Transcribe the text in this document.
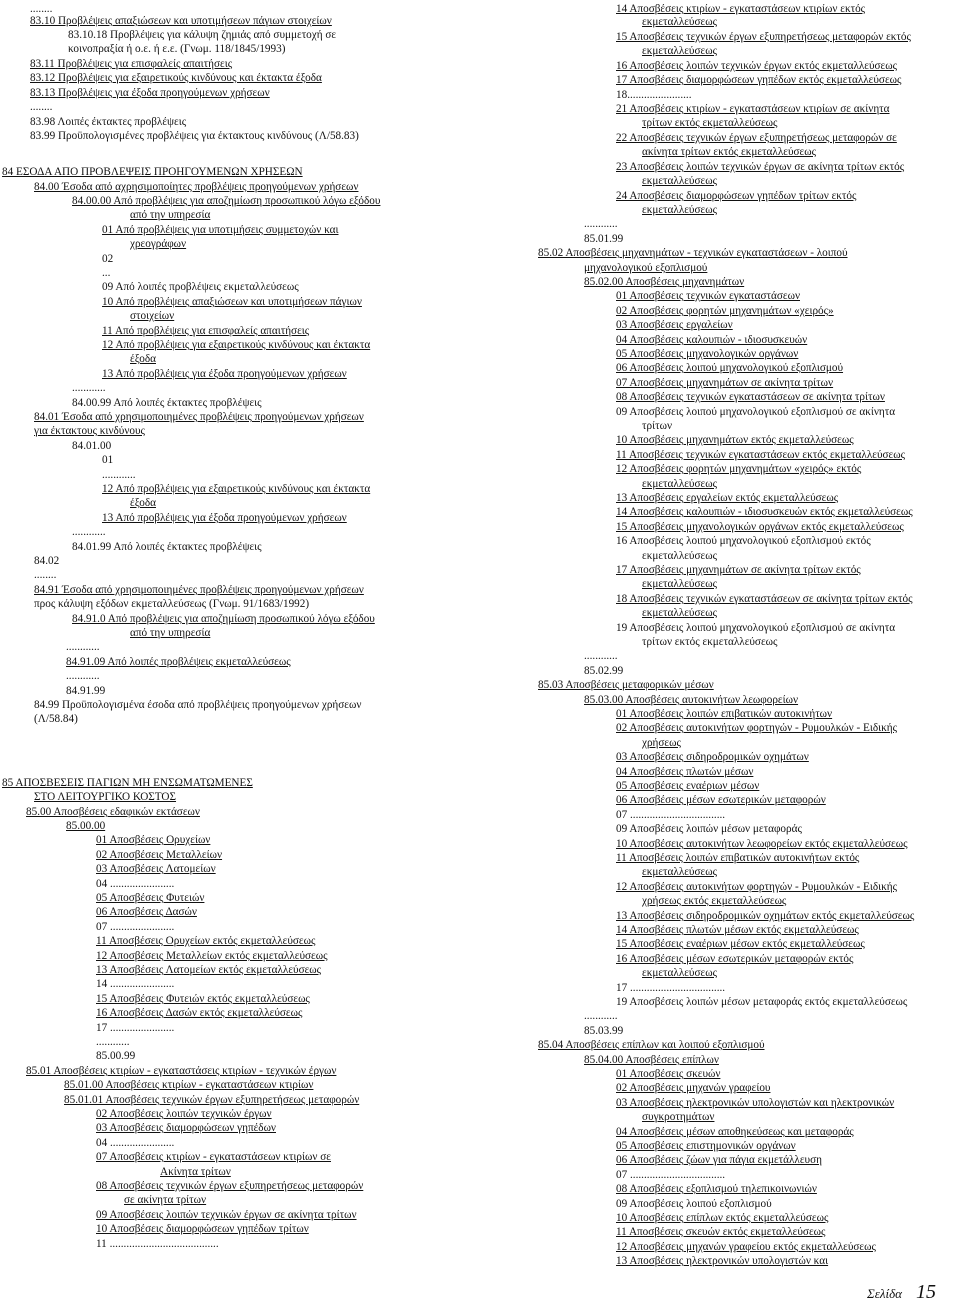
........
83.10 Προβλέψεις απαξιώσεων και υποτιμήσεων πάγιων στοιχείων
83.10.18 Προβλέψεις για κάλυψη ζημιάς από συμμετοχή σε
κοινοπραξία ή ο.ε. ή ε.ε. (Γνωμ. 118/1845/1993)
83.11 Προβλέψεις για επισφαλείς απαιτήσεις
83.12 Προβλέψεις για εξαιρετικούς κινδύνους και έκτακτα έξοδα
83.13 Προβλέψεις για έξοδα προηγούμενων χρήσεων
........
83.98 Λοιπές έκτακτες προβλέψεις
83.99 Προϋπολογισμένες προβλέψεις για έκτακτους κινδύνους (Λ/58.83)
84 ΕΣΟΔΑ ΑΠΟ ΠΡΟΒΛΕΨΕΙΣ ΠΡΟΗΓΟΥΜΕΝΩΝ ΧΡΗΣΕΩΝ
84.00 Έσοδα από αχρησιμοποίητες προβλέψεις προηγούμενων χρήσεων
84.00.00 Από προβλέψεις για αποζημίωση προσωπικού λόγω εξόδου
από την υπηρεσία
01 Από προβλέψεις για υποτιμήσεις συμμετοχών και
χρεογράφων
02
...
09 Από λοιπές προβλέψεις εκμεταλλεύσεως
10 Από προβλέψεις απαξιώσεων και υποτιμήσεων πάγιων
στοιχείων
11 Από προβλέψεις για επισφαλείς απαιτήσεις
12 Από προβλέψεις για εξαιρετικούς κινδύνους και έκτακτα
έξοδα
13 Από προβλέψεις για έξοδα προηγούμενων χρήσεων
............
84.00.99 Από λοιπές έκτακτες προβλέψεις
84.01 Έσοδα από χρησιμοποιημένες προβλέψεις προηγούμενων χρήσεων
για έκτακτους κινδύνους
84.01.00
01
............
12 Από προβλέψεις για εξαιρετικούς κινδύνους και έκτακτα
έξοδα
13 Από προβλέψεις για έξοδα προηγούμενων χρήσεων
............
84.01.99 Από λοιπές έκτακτες προβλέψεις
84.02
........
84.91 Έσοδα από χρησιμοποιημένες προβλέψεις προηγούμενων χρήσεων
προς κάλυψη εξόδων εκμεταλλεύσεως (Γνωμ. 91/1683/1992)
84.91.0 Από προβλέψεις για αποζημίωση προσωπικού λόγω εξόδου
από την υπηρεσία
............
84.91.09 Από λοιπές προβλέψεις εκμεταλλεύσεως
............
84.91.99
84.99 Προϋπολογισμένα έσοδα από προβλέψεις προηγούμενων χρήσεων
(Λ/58.84)
85 ΑΠΟΣΒΕΣΕΙΣ ΠΑΓΙΩΝ ΜΗ ΕΝΣΩΜΑΤΩΜΕΝΕΣ
ΣΤΟ ΛΕΙΤΟΥΡΓΙΚΟ ΚΟΣΤΟΣ
85.00 Αποσβέσεις εδαφικών εκτάσεων
85.00.00
01 Αποσβέσεις Ορυχείων
02 Αποσβέσεις Μεταλλείων
03 Αποσβέσεις Λατομείων
04 .......................
05 Αποσβέσεις Φυτειών
06 Αποσβέσεις Δασών
07 .......................
11 Αποσβέσεις Ορυχείων εκτός εκμεταλλεύσεως
12 Αποσβέσεις Μεταλλείων εκτός εκμεταλλεύσεως
13 Αποσβέσεις Λατομείων εκτός εκμεταλλεύσεως
14 .......................
15 Αποσβέσεις Φυτειών εκτός εκμεταλλεύσεως
16 Αποσβέσεις Δασών εκτός εκμεταλλεύσεως
17 .......................
............
85.00.99
85.01 Αποσβέσεις κτιρίων - εγκαταστάσεις κτιρίων - τεχνικών έργων
85.01.00 Αποσβέσεις κτιρίων - εγκαταστάσεων κτιρίων
85.01.01 Αποσβέσεις τεχνικών έργων εξυπηρετήσεως μεταφορών
02 Αποσβέσεις λοιπών τεχνικών έργων
03 Αποσβέσεις διαμορφώσεων γηπέδων
04 .......................
07 Αποσβέσεις κτιρίων - εγκαταστάσεων κτιρίων σε
Ακίνητα τρίτων
08 Αποσβέσεις τεχνικών έργων εξυπηρετήσεως μεταφορών
σε ακίνητα τρίτων
09 Αποσβέσεις λοιπών τεχνικών έργων σε ακίνητα τρίτων
10 Αποσβέσεις διαμορφώσεων γηπέδων τρίτων
11 .......................................
14 Αποσβέσεις κτιρίων - εγκαταστάσεων κτιρίων εκτός
εκμεταλλεύσεως
15 Αποσβέσεις τεχνικών έργων εξυπηρετήσεως μεταφορών εκτός
εκμεταλλεύσεως
16 Αποσβέσεις λοιπών τεχνικών έργων εκτός εκμεταλλεύσεως
17 Αποσβέσεις διαμορφώσεων γηπέδων εκτός εκμεταλλεύσεως
18.......................
21 Αποσβέσεις κτιρίων - εγκαταστάσεων κτιρίων σε ακίνητα
τρίτων εκτός εκμεταλλεύσεως
22 Αποσβέσεις τεχνικών έργων εξυπηρετήσεως μεταφορών σε
ακίνητα τρίτων εκτός εκμεταλλεύσεως
23 Αποσβέσεις λοιπών τεχνικών έργων σε ακίνητα τρίτων εκτός
εκμεταλλεύσεως
24 Αποσβέσεις διαμορφώσεων γηπέδων τρίτων εκτός
εκμεταλλεύσεως
............
85.01.99
85.02 Αποσβέσεις μηχανημάτων - τεχνικών εγκαταστάσεων - λοιπού
μηχανολογικού εξοπλισμού
85.02.00 Αποσβέσεις μηχανημάτων
01 Αποσβέσεις τεχνικών εγκαταστάσεων
02 Αποσβέσεις φορητών μηχανημάτων «χειρός»
03 Αποσβέσεις εργαλείων
04 Αποσβέσεις καλουπιών - ιδιοσυσκευών
05 Αποσβέσεις μηχανολογικών οργάνων
06 Αποσβέσεις λοιπού μηχανολογικού εξοπλισμού
07 Αποσβέσεις μηχανημάτων σε ακίνητα τρίτων
08 Αποσβέσεις τεχνικών εγκαταστάσεων σε ακίνητα τρίτων
09 Αποσβέσεις λοιπού μηχανολογικού εξοπλισμού σε ακίνητα
τρίτων
10 Αποσβέσεις μηχανημάτων εκτός εκμεταλλεύσεως
11 Αποσβέσεις τεχνικών εγκαταστάσεων εκτός εκμεταλλεύσεως
12 Αποσβέσεις φορητών μηχανημάτων «χειρός» εκτός
εκμεταλλεύσεως
13 Αποσβέσεις εργαλείων εκτός εκμεταλλεύσεως
14 Αποσβέσεις καλουπιών - ιδιοσυσκευών εκτός εκμεταλλεύσεως
15 Αποσβέσεις μηχανολογικών οργάνων εκτός εκμεταλλεύσεως
16 Αποσβέσεις λοιπού μηχανολογικού εξοπλισμού εκτός
εκμεταλλεύσεως
17 Αποσβέσεις μηχανημάτων σε ακίνητα τρίτων εκτός
εκμεταλλεύσεως
18 Αποσβέσεις τεχνικών εγκαταστάσεων σε ακίνητα τρίτων εκτός
εκμεταλλεύσεως
19 Αποσβέσεις λοιπού μηχανολογικού εξοπλισμού σε ακίνητα
τρίτων εκτός εκμεταλλεύσεως
............
85.02.99
85.03 Αποσβέσεις μεταφορικών μέσων
85.03.00 Αποσβέσεις αυτοκινήτων λεωφορείων
01 Αποσβέσεις λοιπών επιβατικών αυτοκινήτων
02 Αποσβέσεις αυτοκινήτων φορτηγών - Ρυμουλκών - Ειδικής
χρήσεως
03 Αποσβέσεις σιδηροδρομικών οχημάτων
04 Αποσβέσεις πλωτών μέσων
05 Αποσβέσεις εναέριων μέσων
06 Αποσβέσεις μέσων εσωτερικών μεταφορών
07 ..................................
09 Αποσβέσεις λοιπών μέσων μεταφοράς
10 Αποσβέσεις αυτοκινήτων λεωφορείων εκτός εκμεταλλεύσεως
11 Αποσβέσεις λοιπών επιβατικών αυτοκινήτων εκτός
εκμεταλλεύσεως
12 Αποσβέσεις αυτοκινήτων φορτηγών - Ρυμουλκών - Ειδικής
χρήσεως εκτός εκμεταλλεύσεως
13 Αποσβέσεις σιδηροδρομικών οχημάτων εκτός εκμεταλλεύσεως
14 Αποσβέσεις πλωτών μέσων εκτός εκμεταλλεύσεως
15 Αποσβέσεις εναέριων μέσων εκτός εκμεταλλεύσεως
16 Αποσβέσεις μέσων εσωτερικών μεταφορών εκτός
εκμεταλλεύσεως
17 ..................................
19 Αποσβέσεις λοιπών μέσων μεταφοράς εκτός εκμεταλλεύσεως
............
85.03.99
85.04 Αποσβέσεις επίπλων και λοιπού εξοπλισμού
85.04.00 Αποσβέσεις επίπλων
01 Αποσβέσεις σκευών
02 Αποσβέσεις μηχανών γραφείου
03 Αποσβέσεις ηλεκτρονικών υπολογιστών και ηλεκτρονικών
συγκροτημάτων
04 Αποσβέσεις μέσων αποθηκεύσεως και μεταφοράς
05 Αποσβέσεις επιστημονικών οργάνων
06 Αποσβέσεις ζώων για πάγια εκμετάλλευση
07 ..................................
08 Αποσβέσεις εξοπλισμού τηλεπικοινωνιών
09 Αποσβέσεις λοιπού εξοπλισμού
10 Αποσβέσεις επίπλων εκτός εκμεταλλεύσεως
11 Αποσβέσεις σκευών εκτός εκμεταλλεύσεως
12 Αποσβέσεις μηχανών γραφείου εκτός εκμεταλλεύσεως
13 Αποσβέσεις ηλεκτρονικών υπολογιστών και
Σελίδα 15
